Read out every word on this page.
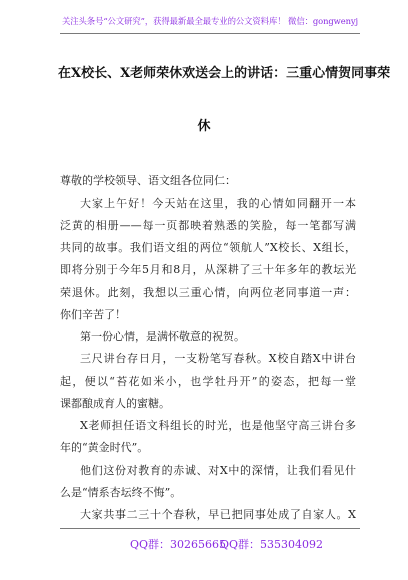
关注头条号“公文研究”，获得最新最全最专业的公文资料库！ 微信：gongwenyj
在X校长、X老师荣休欢送会上的讲话：三重心情贺同事荣
休
尊敬的学校领导、语文组各位同仁：
大家上午好！今天站在这里，我的心情如同翻开一本
泛黄的相册——每一页都映着熟悉的笑脸，每一笔都写满
共同的故事。我们语文组的两位“领航人”X校长、X组长，
即将分别于今年5月和8月，从深耕了三十年多年的教坛光
荣退休。此刻，我想以三重心情，向两位老同事道一声：
你们辛苦了！
第一份心情，是满怀敬意的祝贺。
三尺讲台存日月，一支粉笔写春秋。X校自踏X中讲台
起，便以“苔花如米小，也学牡丹开”的姿态，把每一堂
课都酿成育人的蜜糖。
X老师担任语文科组长的时光，也是他坚守高三讲台多
年的“黄金时代”。
他们这份对教育的赤诚、对X中的深情，让我们看见什
么是“情系杏坛终不悔”。
大家共事二三十个春秋，早已把同事处成了自家人。X
QQ群：30265665
QQ群：535304092
